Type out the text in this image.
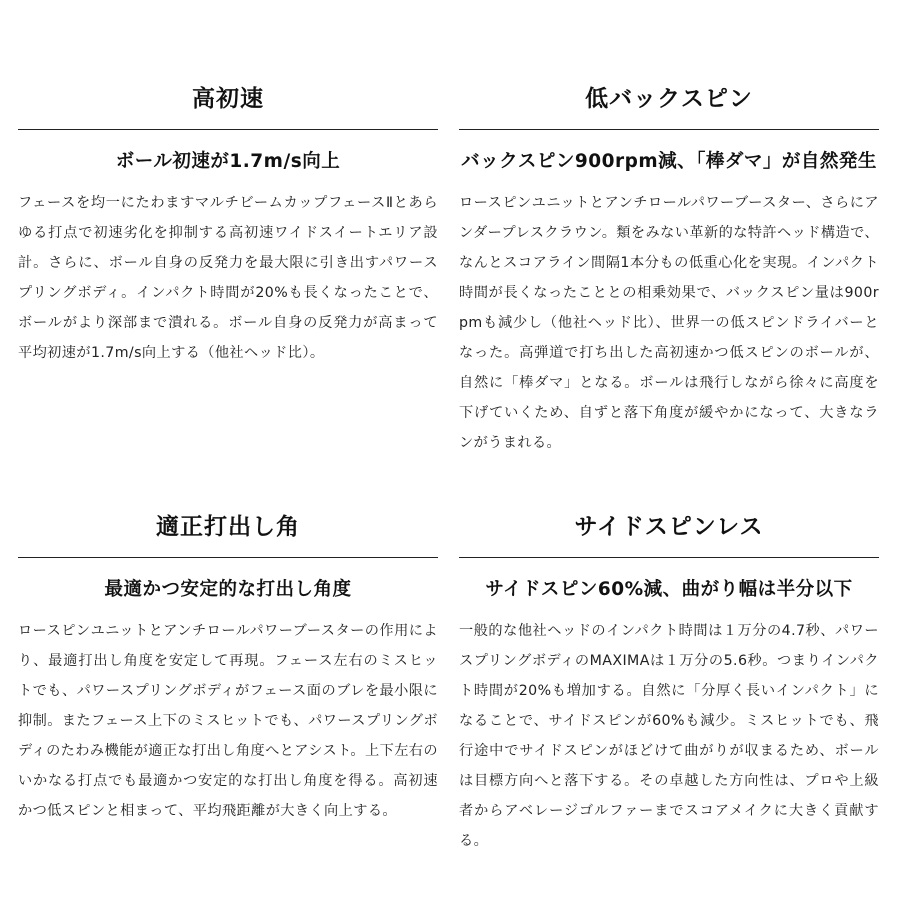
高初速
ボール初速が1.7m/s向上

フェースを均一にたわますマルチビームカップフェースⅡとあらゆる打点で初速劣化を抑制する高初速ワイドスイートエリア設計。さらに、ボール自身の反発力を最大限に引き出すパワースプリングボディ。インパクト時間が20%も長くなったことで、ボールがより深部まで潰れる。ボール自身の反発力が高まって平均初速が1.7m/s向上する（他社ヘッド比）。

低バックスピン
バックスピン900rpm減、「棒ダマ」が自然発生

ロースピンユニットとアンチロールパワーブースター、さらにアンダープレスクラウン。類をみない革新的な特許ヘッド構造で、なんとスコアライン間隔1本分もの低重心化を実現。インパクト時間が長くなったこととの相乗効果で、バックスピン量は900rpmも減少し（他社ヘッド比）、世界一の低スピンドライバーとなった。高弾道で打ち出した高初速かつ低スピンのボールが、自然に「棒ダマ」となる。ボールは飛行しながら徐々に高度を下げていくため、自ずと落下角度が緩やかになって、大きなランがうまれる。

適正打出し角
最適かつ安定的な打出し角度

ロースピンユニットとアンチロールパワーブースターの作用により、最適打出し角度を安定して再現。フェース左右のミスヒットでも、パワースプリングボディがフェース面のブレを最小限に抑制。またフェース上下のミスヒットでも、パワースプリングボディのたわみ機能が適正な打出し角度へとアシスト。上下左右のいかなる打点でも最適かつ安定的な打出し角度を得る。高初速かつ低スピンと相まって、平均飛距離が大きく向上する。

サイドスピンレス
サイドスピン60%減、曲がり幅は半分以下

一般的な他社ヘッドのインパクト時間は１万分の4.7秒、パワースプリングボディのMAXIMAは１万分の5.6秒。つまりインパクト時間が20%も増加する。自然に「分厚く長いインパクト」になることで、サイドスピンが60%も減少。ミスヒットでも、飛行途中でサイドスピンがほどけて曲がりが収まるため、ボールは目標方向へと落下する。その卓越した方向性は、プロや上級者からアベレージゴルファーまでスコアメイクに大きく貢献する。
